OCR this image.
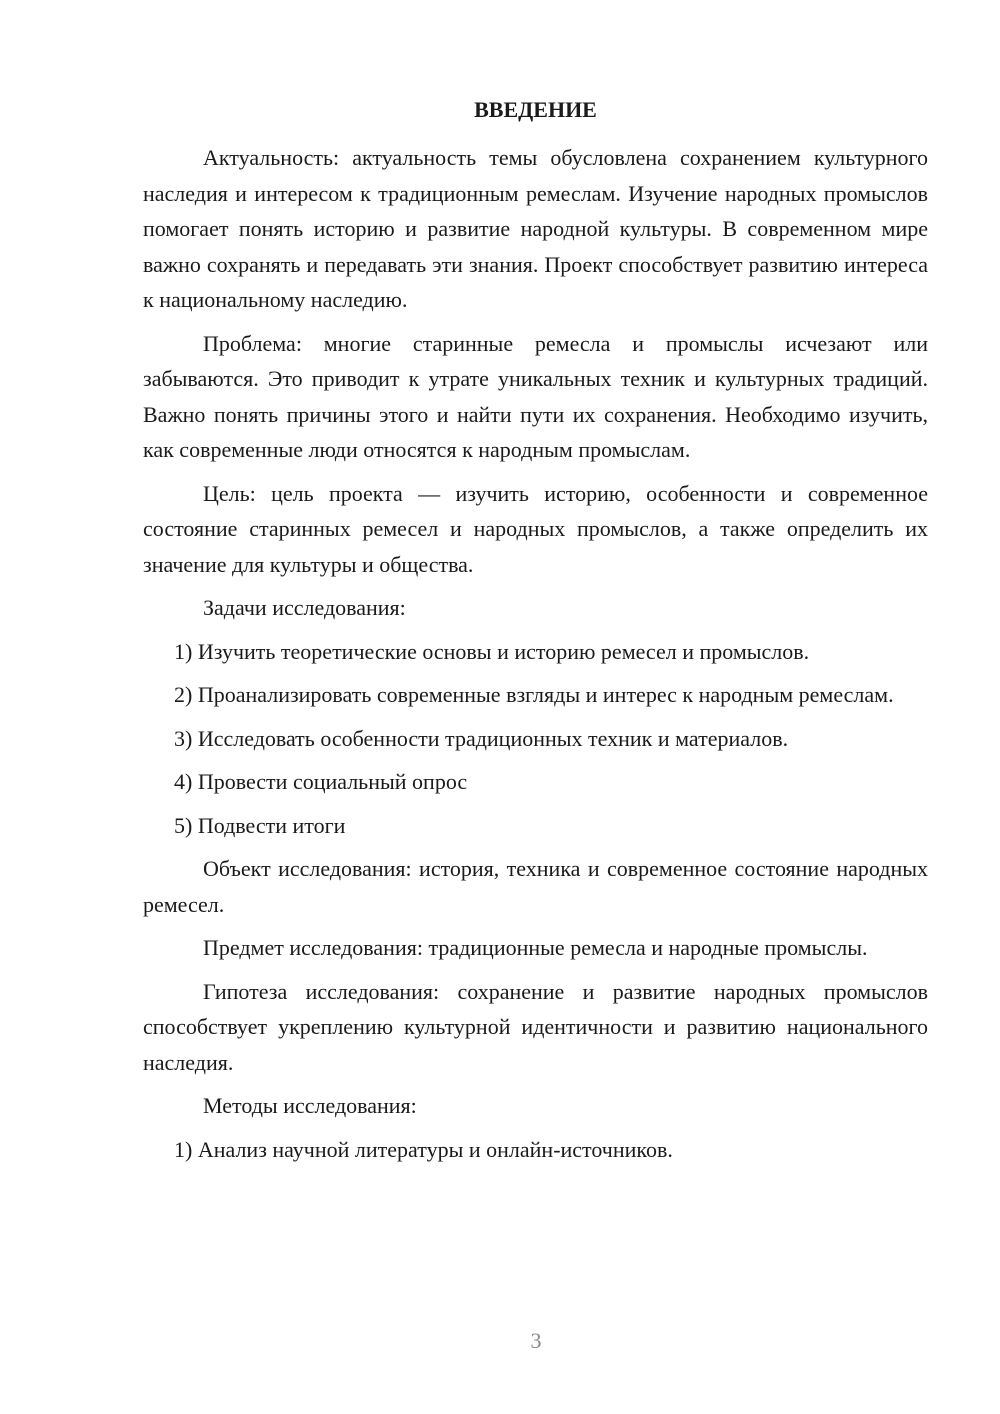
ВВЕДЕНИЕ

Актуальность: актуальность темы обусловлена сохранением культурного наследия и интересом к традиционным ремеслам. Изучение народных промыслов помогает понять историю и развитие народной культуры. В современном мире важно сохранять и передавать эти знания. Проект способствует развитию интереса к национальному наследию.

Проблема: многие старинные ремесла и промыслы исчезают или забываются. Это приводит к утрате уникальных техник и культурных традиций. Важно понять причины этого и найти пути их сохранения. Необходимо изучить, как современные люди относятся к народным промыслам.

Цель: цель проекта — изучить историю, особенности и современное состояние старинных ремесел и народных промыслов, а также определить их значение для культуры и общества.

Задачи исследования:

1) Изучить теоретические основы и историю ремесел и промыслов.

2) Проанализировать современные взгляды и интерес к народным ремеслам.

3) Исследовать особенности традиционных техник и материалов.

4) Провести социальный опрос

5) Подвести итоги

Объект исследования: история, техника и современное состояние народных ремесел.

Предмет исследования: традиционные ремесла и народные промыслы.

Гипотеза исследования: сохранение и развитие народных промыслов способствует укреплению культурной идентичности и развитию национального наследия.

Методы исследования:

1) Анализ научной литературы и онлайн-источников.

3
